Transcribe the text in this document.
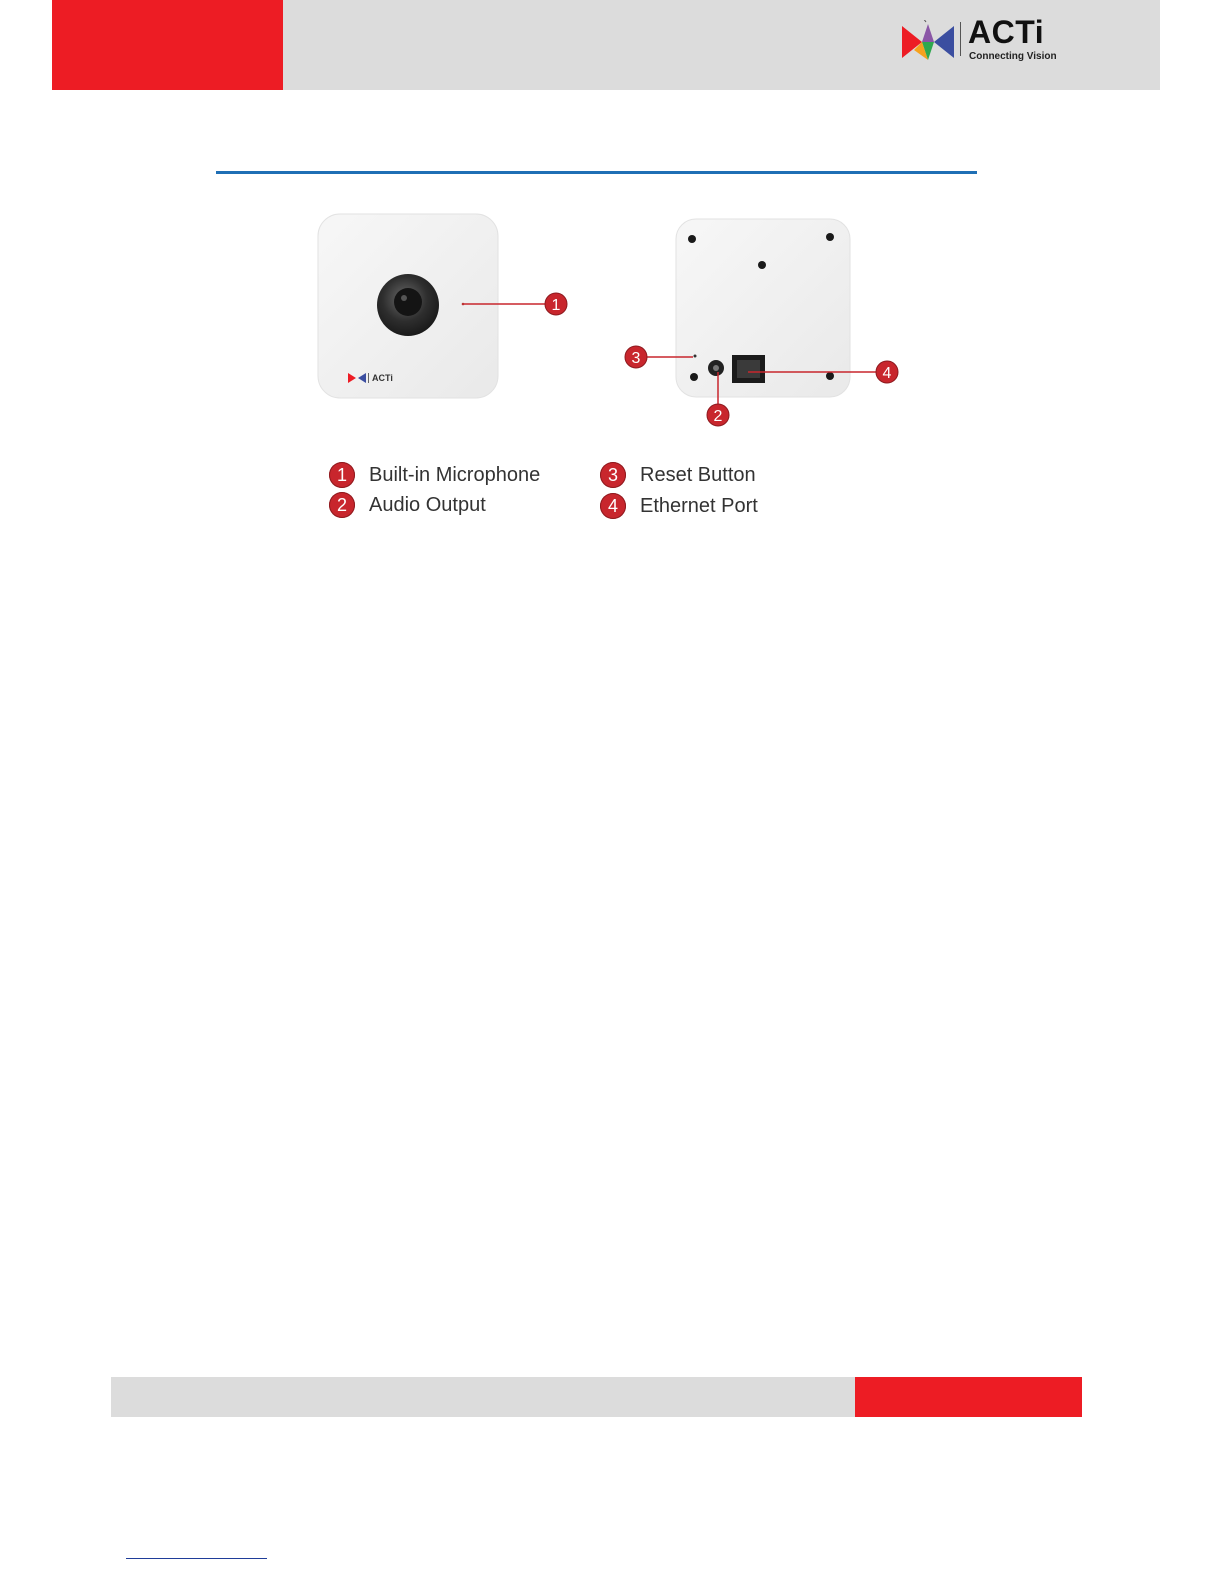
ACTi
Connecting Vision
ACTi
1
3
2
4
1	Built-in Microphone
2	Audio Output
3	Reset Button
4	Ethernet Port
